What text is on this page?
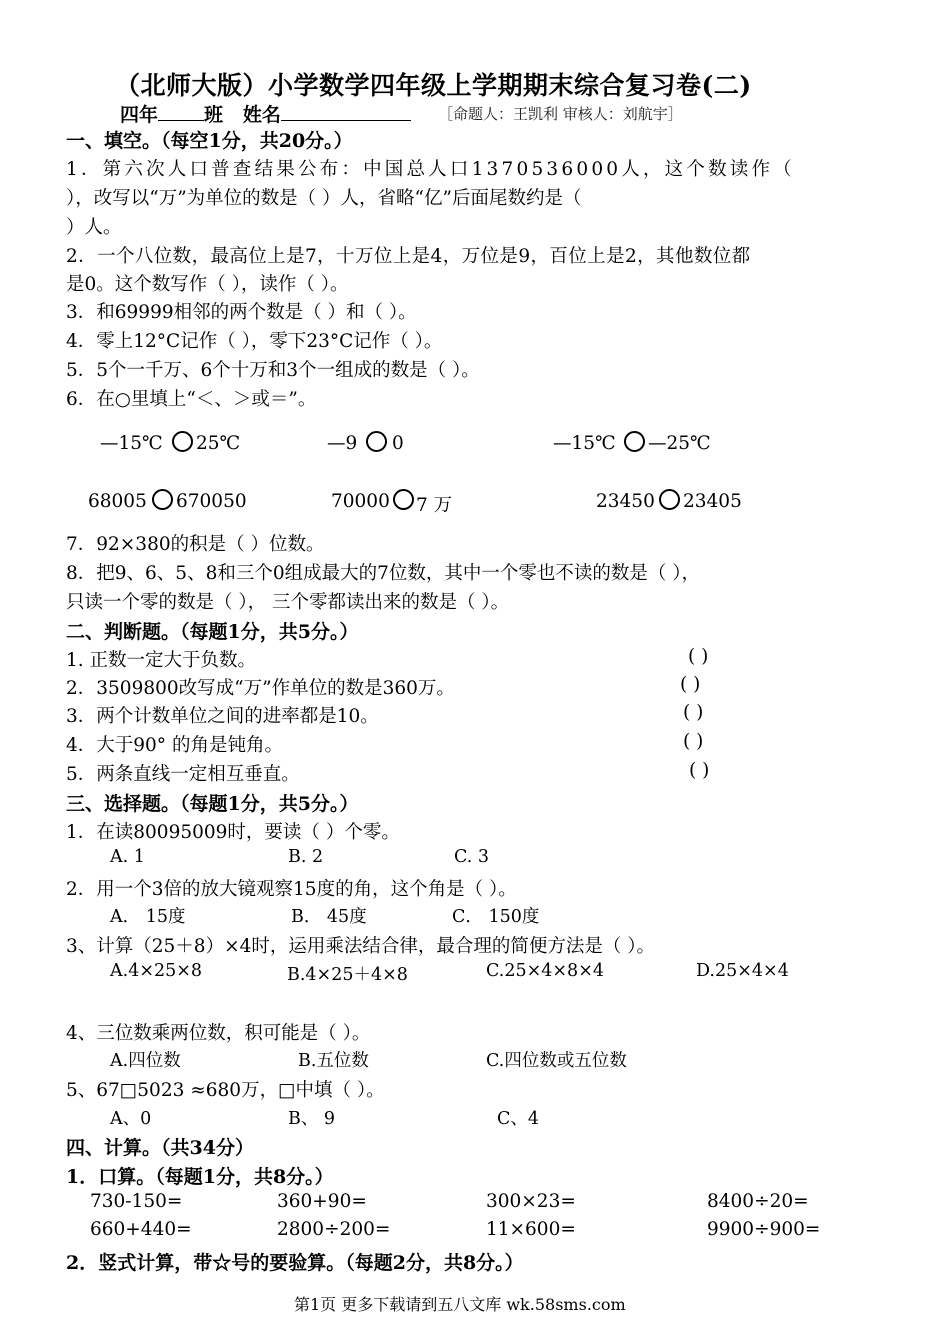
（北师大版）小学数学四年级上学期期末综合复习卷(二)
四年 班 姓名	［命题人：王凯利 审核人：刘航宇］
一、填空。（每空1分，共20分。）
1．第六次人口普查结果公布：中国总人口1370536000人，这个数读作（
），改写以“万”为单位的数是（ ）人，省略“亿”后面尾数约是（
）人。
2．一个八位数，最高位上是7，十万位上是4，万位是9，百位上是2，其他数位都
是0。这个数写作（ ），读作（ ）。
3．和69999相邻的两个数是（ ）和（ ）。
4．零上12°C记作（ ），零下23°C记作（ ）。
5．5个一千万、6个十万和3个一组成的数是（ ）。
6．在○里填上“＜、＞或＝”。
—15℃ 25℃	—9 0	—15℃ —25℃
68005 670050	70000 7 万	23450 23405
7．92×380的积是（ ）位数。
8．把9、6、5、8和三个0组成最大的7位数，其中一个零也不读的数是（ ），
只读一个零的数是（ ）， 三个零都读出来的数是（ ）。
二、判断题。（每题1分，共5分。）
1. 正数一定大于负数。	( )
2．3509800改写成“万”作单位的数是360万。	( )
3．两个计数单位之间的进率都是10。	( )
4．大于90° 的角是钝角。	( )
5．两条直线一定相互垂直。	( )
三、选择题。（每题1分，共5分。）
1．在读80095009时，要读（ ）个零。
A. 1	B. 2	C. 3
2．用一个3倍的放大镜观察15度的角，这个角是（ ）。
A． 15度	B． 45度	C． 150度
3、计算（25＋8）×4时，运用乘法结合律，最合理的简便方法是（ ）。
A.4×25×8	B.4×25＋4×8	C.25×4×8×4	D.25×4×4
4、三位数乘两位数，积可能是（ ）。
A.四位数	B.五位数	C.四位数或五位数
5、67□5023 ≈680万，□中填（ ）。
A、0	B、 9	C、4
四、计算。（共34分）
1．口算。（每题1分，共8分。）
730-150=	360+90=	300×23=	8400÷20=
660+440=	2800÷200=	11×600=	9900÷900=
2．竖式计算，带☆号的要验算。（每题2分，共8分。）
第1页 更多下载请到五八文库 wk.58sms.com
